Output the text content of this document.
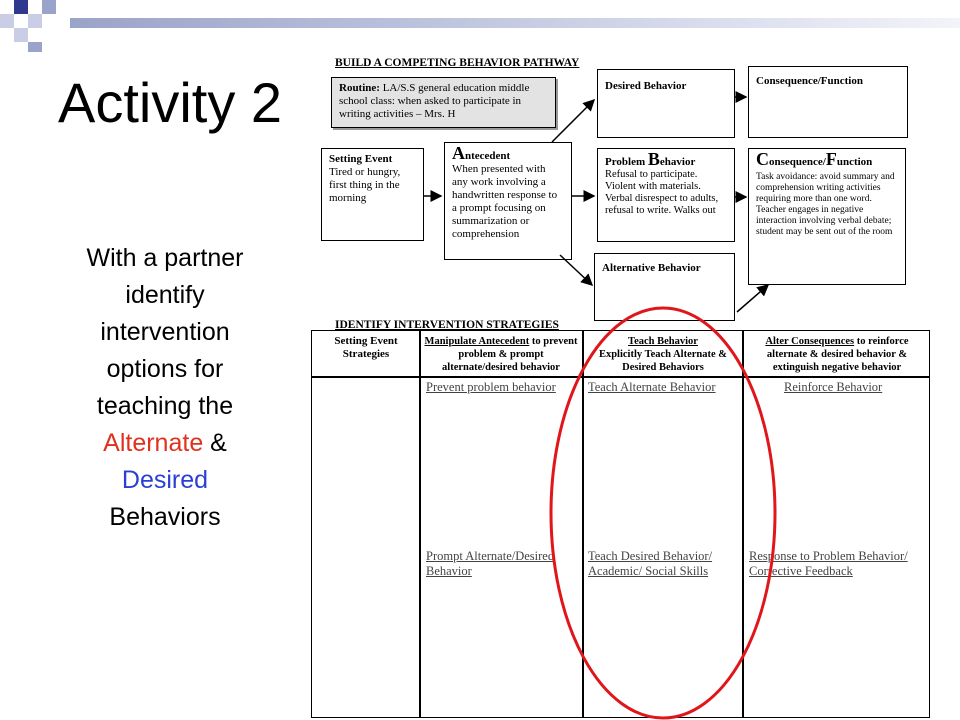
Activity 2
With a partner
identify
intervention
options for
teaching the
Alternate &
Desired
Behaviors
BUILD A COMPETING BEHAVIOR PATHWAY
Routine: LA/S.S general education middle school class: when asked to participate in writing activities – Mrs. H
Desired Behavior	Consequence/Function
Setting Event
Tired or hungry, first thing in the morning
Antecedent
When presented with any work involving a handwritten response to a prompt focusing on summarization or comprehension
Problem Behavior
Refusal to participate. Violent with materials. Verbal disrespect to adults, refusal to write. Walks out
Consequence/Function
Task avoidance: avoid summary and comprehension writing activities requiring more than one word. Teacher engages in negative interaction involving verbal debate; student may be sent out of the room
Alternative Behavior
IDENTIFY INTERVENTION STRATEGIES
Setting Event Strategies
Manipulate Antecedent to prevent problem & prompt alternate/desired behavior
Teach Behavior
Explicitly Teach Alternate & Desired Behaviors
Alter Consequences to reinforce alternate & desired behavior & extinguish negative behavior
Prevent problem behavior
Prompt Alternate/Desired Behavior
Teach Alternate Behavior
Teach Desired Behavior/ Academic/ Social Skills
Reinforce Behavior
Response to Problem Behavior/ Corrective Feedback
